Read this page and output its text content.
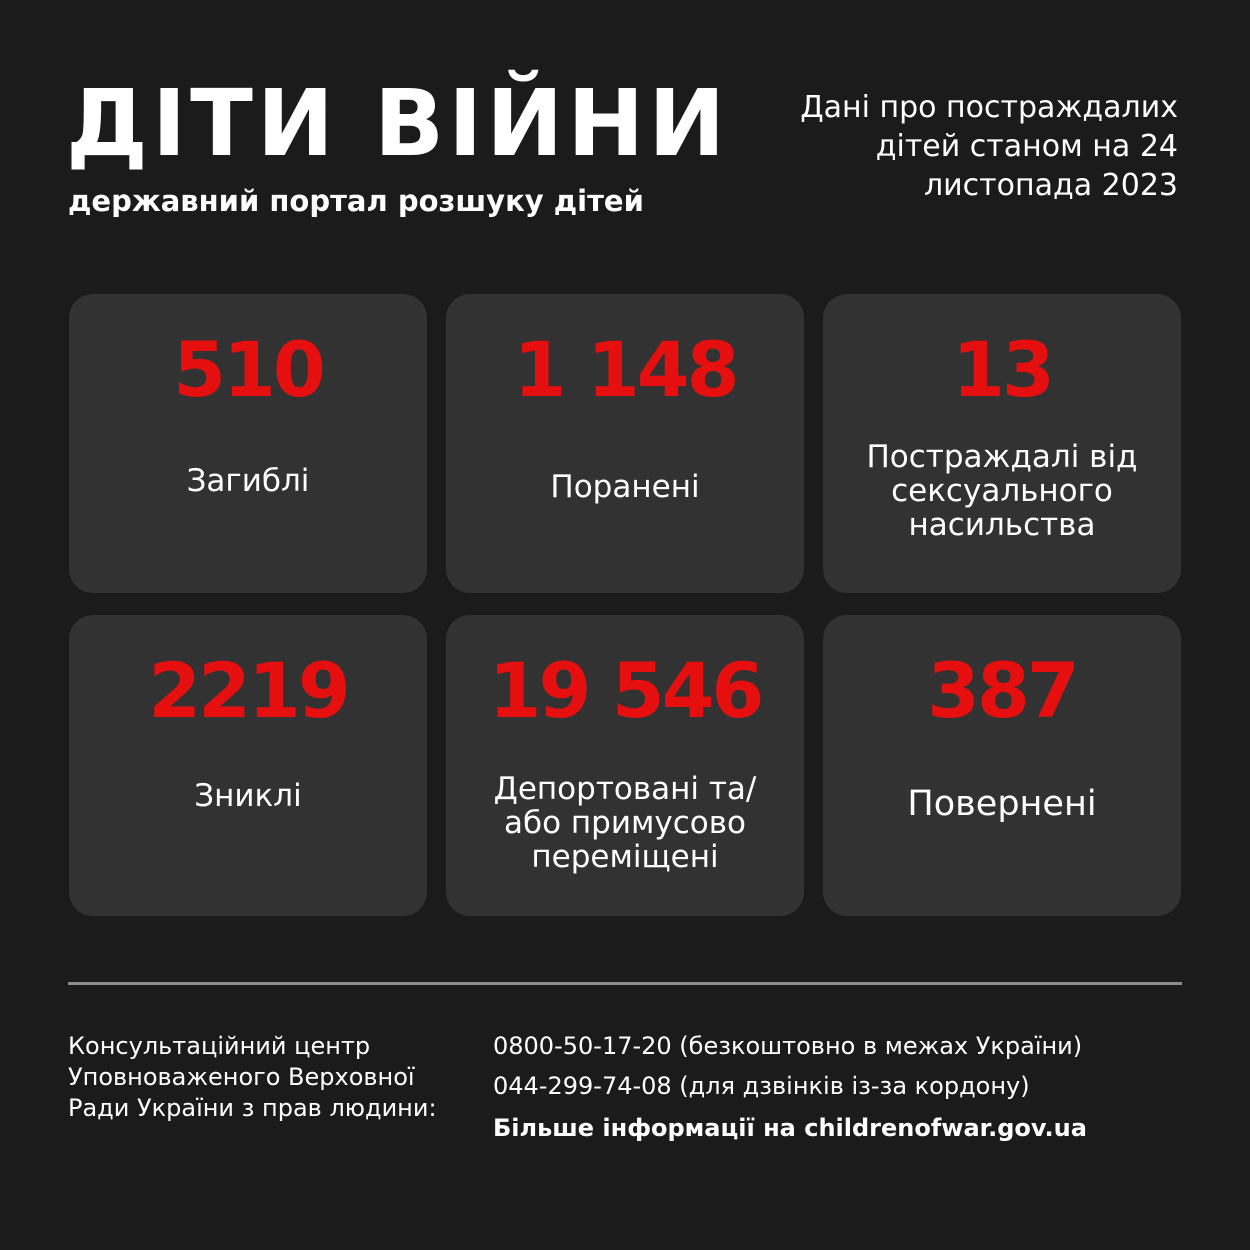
ДІТИ ВІЙНИ
державний портал розшуку дітей
Дані про постраждалих дітей станом на 24 листопада 2023
510
Загиблі
1 148
Поранені
13
Постраждалі від сексуального насильства
2219
Зниклі
19 546
Депортовані та/ або примусово переміщені
387
Повернені
Консультаційний центр Уповноваженого Верховної Ради України з прав людини:
0800-50-17-20 (безкоштовно в межах України)
044-299-74-08 (для дзвінків із-за кордону)
Більше інформації на childrenofwar.gov.ua
